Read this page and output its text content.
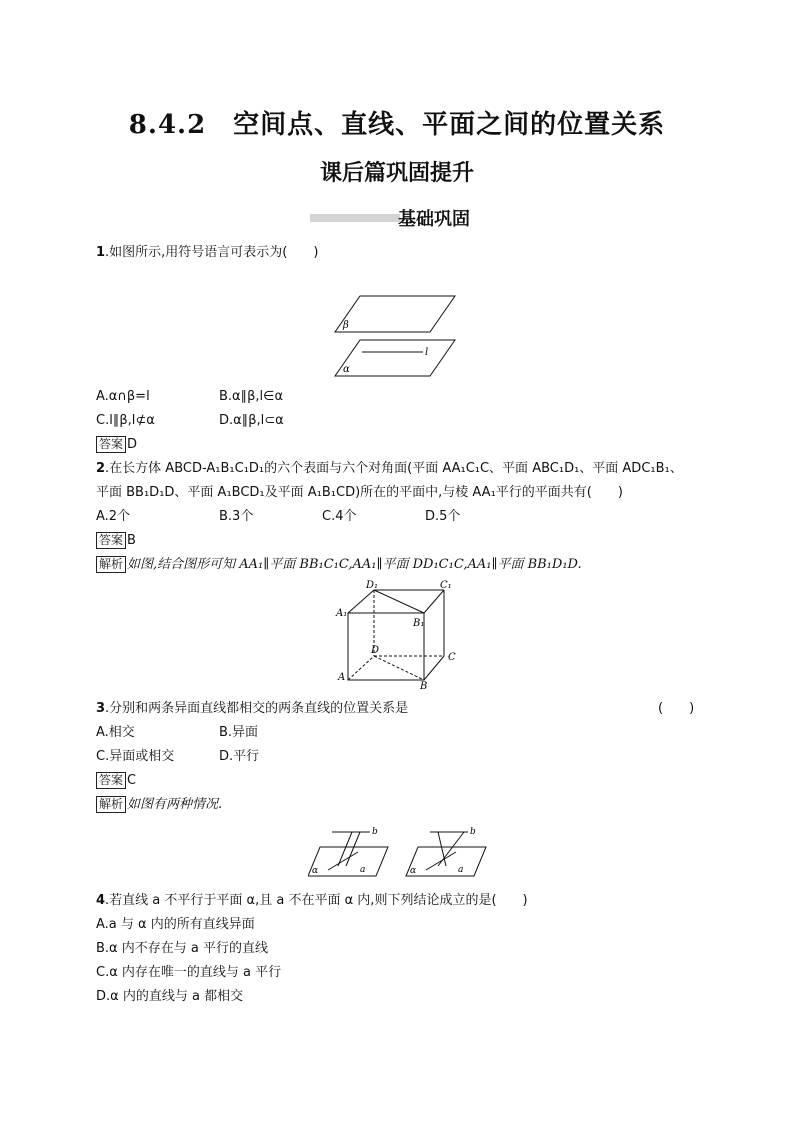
8.4.2　空间点、直线、平面之间的位置关系
课后篇巩固提升
基础巩固
1.如图所示,用符号语言可表示为(　　)
β
α
l
A.α∩β=l	B.α∥β,l∈α
C.l∥β,l⊄α	D.α∥β,l⊂α
答案 D
2.在长方体 ABCD-A₁B₁C₁D₁的六个表面与六个对角面(平面 AA₁C₁C、平面 ABC₁D₁、平面 ADC₁B₁、
平面 BB₁D₁D、平面 A₁BCD₁及平面 A₁B₁CD)所在的平面中,与棱 AA₁平行的平面共有(　　)
A.2个	B.3个	C.4个	D.5个
答案 B
解析 如图,结合图形可知 AA₁∥平面 BB₁C₁C,AA₁∥平面 DD₁C₁C,AA₁∥平面 BB₁D₁D.
D₁	C₁
A₁
B₁
D
C
A
B
3.分别和两条异面直线都相交的两条直线的位置关系是	(　　)
A.相交	B.异面
C.异面或相交	D.平行
答案 C
解析 如图有两种情况.
b
a
α
b
a
α
4.若直线 a 不平行于平面 α,且 a 不在平面 α 内,则下列结论成立的是(　　)
A.a 与 α 内的所有直线异面
B.α 内不存在与 a 平行的直线
C.α 内存在唯一的直线与 a 平行
D.α 内的直线与 a 都相交
